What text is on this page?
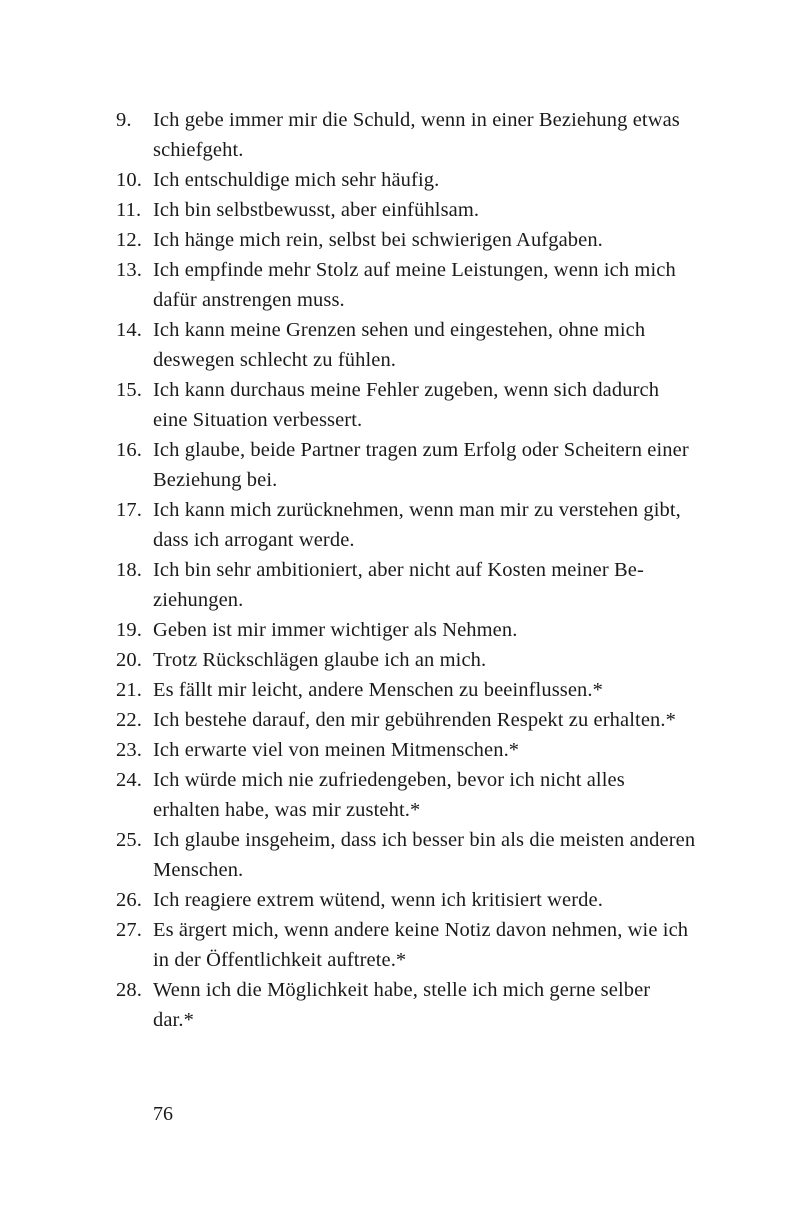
9.	Ich gebe immer mir die Schuld, wenn in einer Beziehung etwas schiefgeht.
10. Ich entschuldige mich sehr häufig.
11. Ich bin selbstbewusst, aber einfühlsam.
12. Ich hänge mich rein, selbst bei schwierigen Aufgaben.
13. Ich empfinde mehr Stolz auf meine Leistungen, wenn ich mich dafür anstrengen muss.
14. Ich kann meine Grenzen sehen und eingestehen, ohne mich deswegen schlecht zu fühlen.
15. Ich kann durchaus meine Fehler zugeben, wenn sich dadurch eine Situation verbessert.
16. Ich glaube, beide Partner tragen zum Erfolg oder Scheitern einer Beziehung bei.
17. Ich kann mich zurücknehmen, wenn man mir zu verstehen gibt, dass ich arrogant werde.
18. Ich bin sehr ambitioniert, aber nicht auf Kosten meiner Beziehungen.
19. Geben ist mir immer wichtiger als Nehmen.
20. Trotz Rückschlägen glaube ich an mich.
21. Es fällt mir leicht, andere Menschen zu beeinflussen.*
22. Ich bestehe darauf, den mir gebührenden Respekt zu erhalten.*
23. Ich erwarte viel von meinen Mitmenschen.*
24. Ich würde mich nie zufriedengeben, bevor ich nicht alles erhalten habe, was mir zusteht.*
25. Ich glaube insgeheim, dass ich besser bin als die meisten anderen Menschen.
26. Ich reagiere extrem wütend, wenn ich kritisiert werde.
27. Es ärgert mich, wenn andere keine Notiz davon nehmen, wie ich in der Öffentlichkeit auftrete.*
28. Wenn ich die Möglichkeit habe, stelle ich mich gerne selber dar.*
76
